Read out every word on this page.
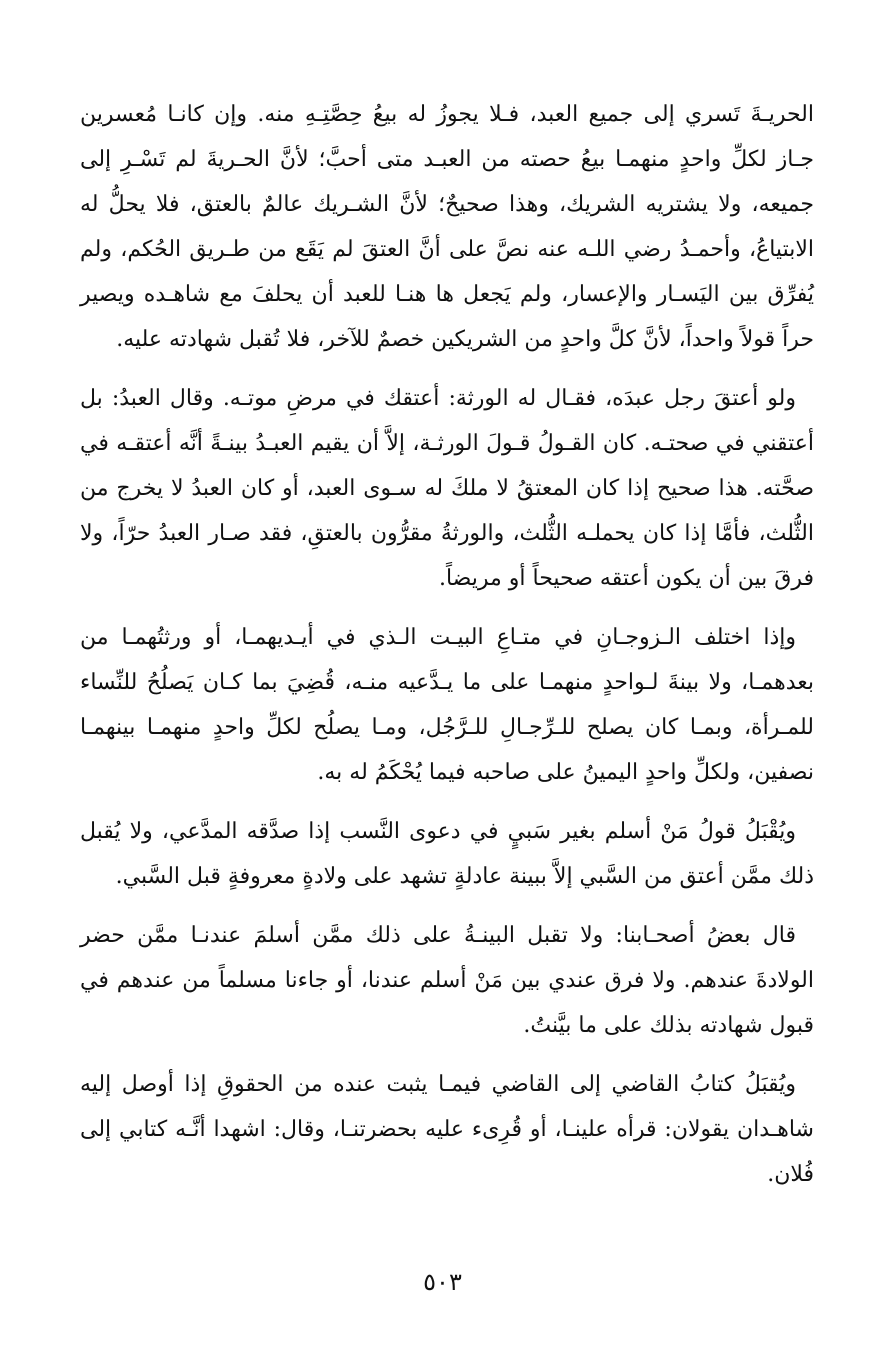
الحريـةَ تَسري إلى جميع العبد، فـلا يجوزُ له بيعُ حِصَّتِـهِ منه. وإن كانـا مُعسرين جـاز لكلِّ واحدٍ منهمـا بيعُ حصته من العبـد متى أحبَّ؛ لأنَّ الحـريةَ لم تَسْـرِ إلى جميعه، ولا يشتريه الشريك، وهذا صحيحٌ؛ لأنَّ الشـريك عالمٌ بالعتق، فلا يحلُّ له الابتياعُ، وأحمـدُ رضي اللـه عنه نصَّ على أنَّ العتقَ لم يَقَع من طـريق الحُكم، ولم يُفرِّق بين اليَسـار والإعسار، ولم يَجعل ها هنـا للعبد أن يحلفَ مع شاهـده ويصير حراً قولاً واحداً، لأنَّ كلَّ واحدٍ من الشريكين خصمٌ للآخر، فلا تُقبل شهادته عليه.

ولو أعتقَ رجل عبدَه، فقـال له الورثة: أعتقك في مرضِ موتـه. وقال العبدُ: بل أعتقني في صحتـه. كان القـولُ قـولَ الورثـة، إلاَّ أن يقيم العبـدُ بينـةً أنَّه أعتقـه في صحَّته. هذا صحيح إذا كان المعتقُ لا ملكَ له سـوى العبد، أو كان العبدُ لا يخرج من الثُّلث، فأمَّا إذا كان يحملـه الثُّلث، والورثةُ مقرُّون بالعتقِ، فقد صـار العبدُ حرّاً، ولا فرقَ بين أن يكون أعتقه صحيحاً أو مريضاً.

وإذا اختلف الـزوجـانِ في متـاعِ البيـت الـذي في أيـديهمـا، أو ورثتُهمـا من بعدهمـا، ولا بينةَ لـواحدٍ منهمـا على ما يـدَّعيه منـه، قُضِيَ بما كـان يَصلُحُ للنِّساء للمـرأة، وبمـا كان يصلح للـرِّجـالِ للـرَّجُل، ومـا يصلُح لكلِّ واحدٍ منهمـا بينهمـا نصفين، ولكلِّ واحدٍ اليمينُ على صاحبه فيما يُحْكَمُ له به.

ويُقْبَلُ قولُ مَنْ أسلم بغير سَبيٍ في دعوى النَّسب إذا صدَّقه المدَّعي، ولا يُقبل ذلك ممَّن أعتق من السَّبي إلاَّ ببينة عادلةٍ تشهد على ولادةٍ معروفةٍ قبل السَّبي.

قال بعضُ أصحـابنا: ولا تقبل البينـةُ على ذلك ممَّن أسلمَ عندنـا ممَّن حضر الولادةَ عندهم. ولا فرق عندي بين مَنْ أسلم عندنا، أو جاءنا مسلماً من عندهم في قبول شهادته بذلك على ما بيَّنتُ.

ويُقبَلُ كتابُ القاضي إلى القاضي فيمـا يثبت عنده من الحقوقِ إذا أوصل إليه شاهـدان يقولان: قرأه علينـا، أو قُرِىء عليه بحضرتنـا، وقال: اشهدا أنَّـه كتابي إلى فُلان.

٥٠٣
